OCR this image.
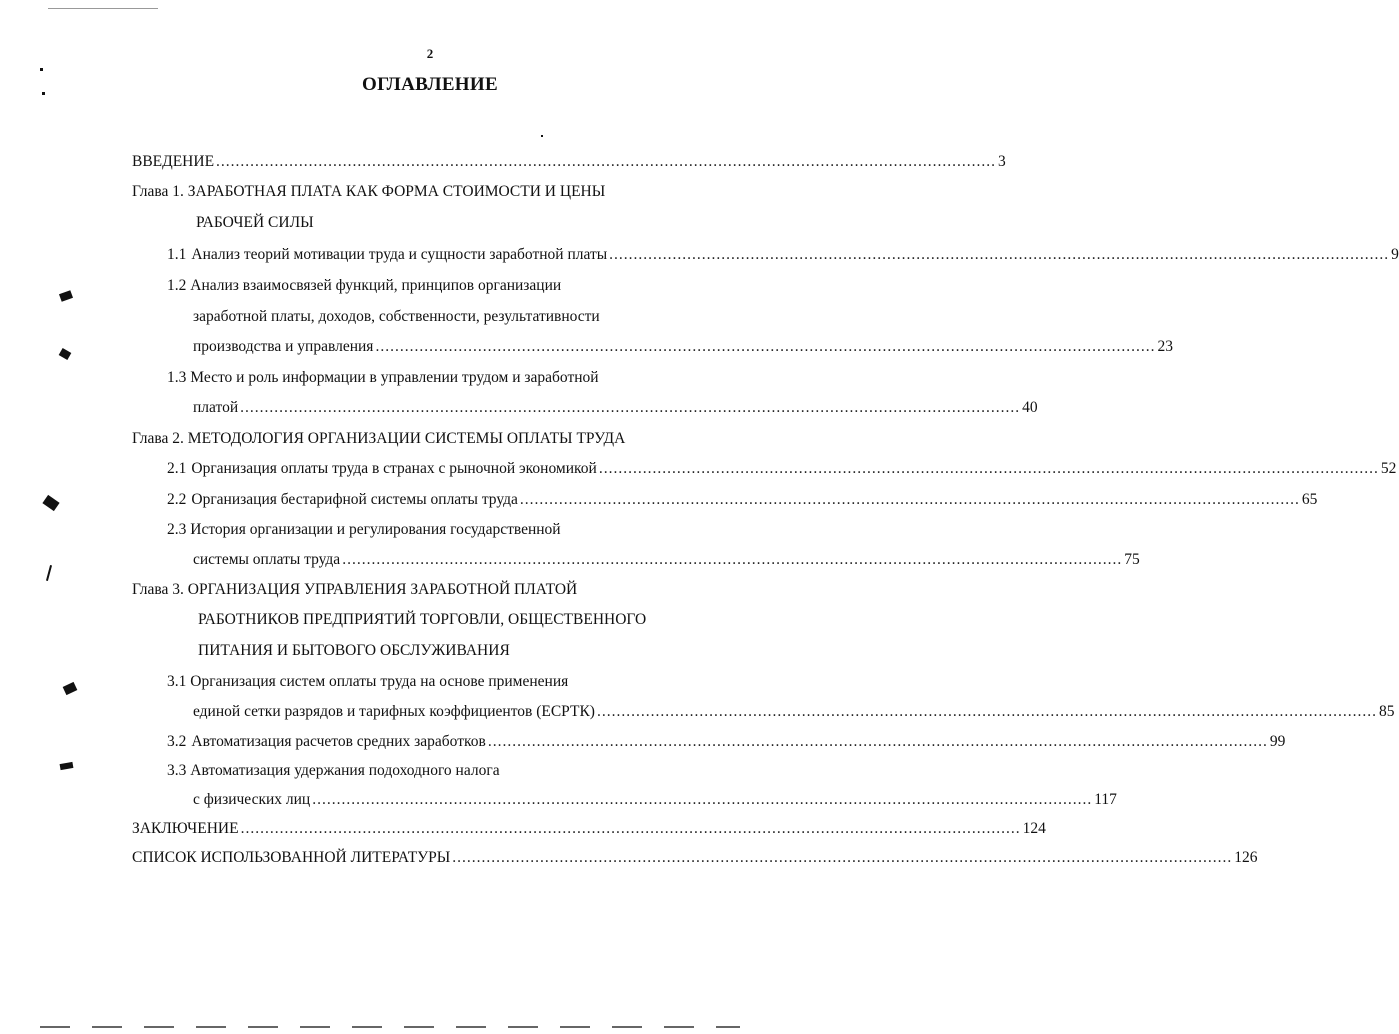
2
ОГЛАВЛЕНИЕ
ВВЕДЕНИЕ ................................................................................................................................................................ 3
Глава 1. ЗАРАБОТНАЯ ПЛАТА КАК ФОРМА СТОИМОСТИ И ЦЕНЫ
РАБОЧЕЙ СИЛЫ
1.1 Анализ теорий мотивации труда и сущности заработной платы ................................................................................................................................................................ 9
1.2 Анализ взаимосвязей функций, принципов организации
заработной платы, доходов, собственности, результативности
производства и управления ................................................................................................................................................................ 23
1.3 Место и роль информации в управлении трудом и заработной
платой ................................................................................................................................................................ 40
Глава 2. МЕТОДОЛОГИЯ ОРГАНИЗАЦИИ СИСТЕМЫ ОПЛАТЫ ТРУДА
2.1 Организация оплаты труда в странах с рыночной экономикой ................................................................................................................................................................ 52
2.2 Организация бестарифной системы оплаты труда ................................................................................................................................................................ 65
2.3 История организации и регулирования государственной
системы оплаты труда ................................................................................................................................................................ 75
Глава 3. ОРГАНИЗАЦИЯ УПРАВЛЕНИЯ ЗАРАБОТНОЙ ПЛАТОЙ
РАБОТНИКОВ ПРЕДПРИЯТИЙ ТОРГОВЛИ, ОБЩЕСТВЕННОГО
ПИТАНИЯ И БЫТОВОГО ОБСЛУЖИВАНИЯ
3.1 Организация систем оплаты труда на основе применения
единой сетки разрядов и тарифных коэффициентов (ЕСРТК) ................................................................................................................................................................ 85
3.2 Автоматизация расчетов средних заработков ................................................................................................................................................................ 99
3.3 Автоматизация удержания подоходного налога
с физических лиц ................................................................................................................................................................ 117
ЗАКЛЮЧЕНИЕ ................................................................................................................................................................ 124
СПИСОК ИСПОЛЬЗОВАННОЙ ЛИТЕРАТУРЫ ................................................................................................................................................................ 126
